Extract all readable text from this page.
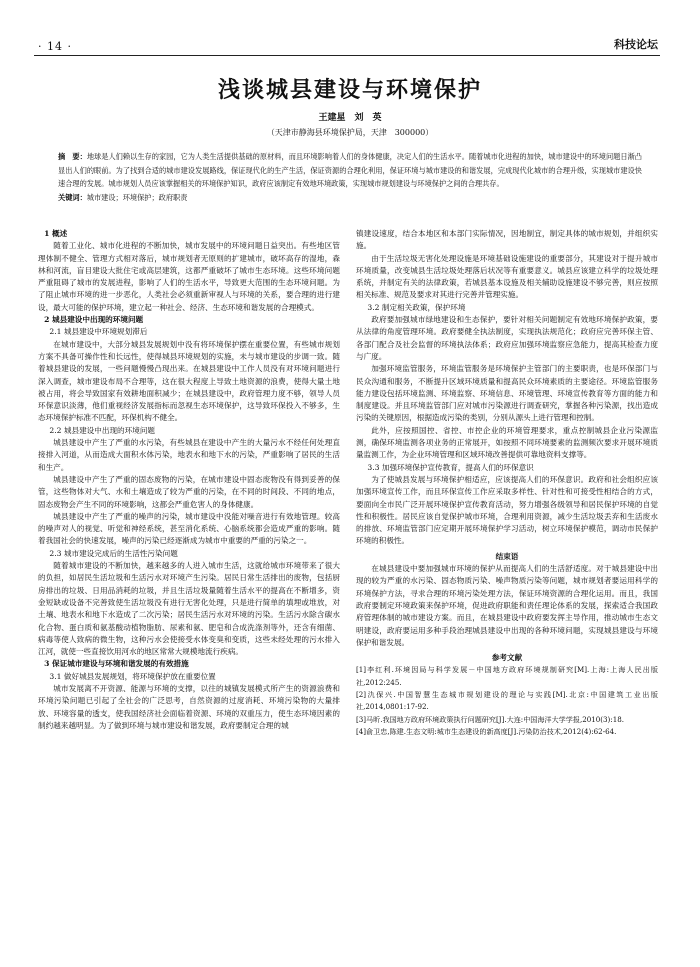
· 14 ·	科技论坛
浅谈城县建设与环境保护
王建星　刘　英
（天津市静海县环境保护局，天津　300000）
摘　要：地球是人们赖以生存的家园，它为人类生活提供基础的原材料，而且环境影响着人们的身体健康，决定人们的生活水平。随着城市化进程的加快，城市建设中的环境问题日渐凸显出人们的眼前。为了找到合适的城市建设发展路线，保证现代化的生产生活，保证资源的合理化利用，保证环境与城市建设的和谐发展，完成现代化城市的合理升级，实现城市建设快速合理的发展。城市规划人员应该掌握相关的环境保护知识，政府应该制定有效地环境政策，实现城市规划建设与环境保护之间的合理共存。
关键词：城市建设；环境保护；政府职责

1 概述

随着工业化、城市化进程的不断加快，城市发展中的环境问题日益突出。有些地区管理体制不健全、管理方式相对落后，城市规划者无原则的扩建城市，破坏高存的湿地，森林和河流，盲目建设大批住宅或高层建筑，这都严重破坏了城市生态环境。这些环境问题严重阻碍了城市的发展进程，影响了人们的生活水平，导致更大范围的生态环境问题。为了阻止城市环境的进一步恶化，人类社会必须重新审视人与环境的关系，要合理的进行建设，最大可能的保护环境，建立起一种社会、经济、生态环境和谐发展的合理模式。

2 城县建设中出现的环境问题

2.1 城县建设中环境规划滞后

在城市建设中，大部分城县发展规划中没有将环境保护摆在重要位置，有些城市规划方案不具备可操作性和长远性，使得城县环境规划的实施，未与城市建设的步调一致。随着城县建设的发展，一些问题慢慢凸现出来。在城县建设中工作人员没有对环境问题进行深入调查，城市建设布局不合理等，这在很大程度上导致土地资源的浪费，使得大量土地被占用，将会导致国家有效耕地面积减少；在城县建设中，政府管理力度不够，领导人员环保意识淡薄，他们重视经济发展指标而忽视生态环境保护，这导致环保投入不够多，生态环境保护标准不匹配，环保机构不健全。

2.2 城县建设中出现的环境问题

城县建设中产生了严重的水污染，有些城县在建设中产生的大量污水不经任何处理直接排入河道，从而造成大面积水体污染，地表水和地下水的污染，严重影响了居民的生活和生产。

城县建设中产生了严重的固态废物的污染，在城市建设中固态废物没有得到妥善的保管，这些物体对大气、水和土壤造成了较为严重的污染，在不同的时间段、不同的地点，固态废物会产生不同的环境影响，这都会严重危害人的身体健康。

城县建设中产生了严重的噪声的污染，城市建设中没能对噪音进行有效地管理。较高的噪声对人的视觉、听觉和神经系统，甚至消化系统、心脑系统都会造成严重的影响。随着我国社会的快速发展，噪声的污染已经逐渐成为城市中重要的严重的污染之一。

2.3 城市建设完成后的生活性污染问题

随着城市建设的不断加快，越来越多的人进入城市生活，这就给城市环境带来了很大的负担，如居民生活垃圾和生活污水对环境产生污染。居民日常生活排出的废物，包括厨房排出的垃圾、日用品消耗的垃圾，并且生活垃圾量随着生活水平的提高在不断增多，资金短缺或设备不完善致使生活垃圾没有进行无害化处理，只是进行简单的填埋或堆放，对土壤、地表水和地下水造成了二次污染；居民生活污水对环境的污染。生活污水除含碳水化合物、蛋白质和氨基酸动植物脂肪、尿素和氨、肥皂和合成洗涤剂等外，还含有细菌、病毒等使人致病的微生物，这种污水会使接受水体变臭和变质，这些未经处理的污水排入江河，就使一些直接饮用河水的地区常常大规模地流行疾病。

3 保证城市建设与环境和谐发展的有效措施

3.1 做好城县发展规划，将环境保护放在重要位置

城市发展离不开资源、能源与环境的支撑，以往的城镇发展模式所产生的资源浪费和环境污染问题已引起了全社会的广泛思考，自然资源的过度消耗、环境污染物的大量排放、环境容量的透支，使我国经济社会面临着资源、环境的双重压力，使生态环境因素的制约越来越明显。为了做到环境与城市建设和谐发展，政府要制定合理的城

镇建设速度，结合本地区和本部门实际情况，因地制宜，制定具体的城市规划，并组织实施。

由于生活垃圾无害化处理设施是环境基础设施建设的重要部分，其建设对于提升城市环境质量，改变城县生活垃圾处理落后状况等有重要意义。城县应该建立科学的垃圾处理系统，并制定有关的法律政策，若城县基本设施及相关辅助设施建设不够完善，则应按照相关标准、规范及要求对其进行完善并管理实施。

3.2 制定相关政策，保护环境

政府要加强城市绿地建设和生态保护，要针对相关问题制定有效地环境保护政策，要从法律的角度管理环境。政府要健全执法制度，实现执法规范化；政府应完善环保主管、各部门配合及社会监督的环境执法体系；政府应加强环境监察应急能力，提高其检查力度与广度。

加强环境监管服务，环境监管服务是环境保护主管部门的主要职责，也是环保部门与民众沟通和服务，不断提升区域环境质量和提高民众环境素质的主要途径。环境监管服务能力建设包括环境监测、环境监察、环境信息、环境管理、环境宣传教育等方面的能力和制度建设。并且环境监管部门应对城市污染源进行调查研究，掌握各种污染源，找出造成污染的关键原因，根据造成污染的类别，分别从源头上进行管理和控制。

此外，应按照国控、省控、市控企业的环境管理要求，重点控制城县企业污染源监测，确保环境监测各项业务的正常展开，如按照不同环境要素的监测频次要求开展环境质量监测工作，为企业环境管理和区域环境改善提供可靠地资料支撑等。

3.3 加强环境保护宣传教育，提高人们的环保意识

为了使城县发展与环境保护相适应，应该提高人们的环保意识。政府和社会组织应该加强环境宣传工作，而且环保宣传工作应采取多样性、针对性和可接受性相结合的方式，要面向全市民广泛开展环境保护宣传教育活动，努力增强各级领导和居民保护环境的自觉性和积极性。居民应该自觉保护城市环境，合理利用资源，减少生活垃圾丢弃和生活废水的排放、环境监管部门应定期开展环境保护学习活动，树立环境保护模范，调动市民保护环境的积极性。

结束语

在城县建设中要加强城市环境的保护从而提高人们的生活舒适度。对于城县建设中出现的较为严重的水污染、固态物质污染、噪声物质污染等问题，城市规划者要运用科学的环境保护方法，寻求合理的环境污染处理方法，保证环境资源的合理化运用。而且，我国政府要制定环境政策来保护环境，促进政府职能和责任理论体系的发展，探索适合我国政府管理体制的城市建设方案。而且，在城县建设中政府要发挥主导作用，推动城市生态文明建设，政府要运用多种手段治理城县建设中出现的各种环境问题，实现城县建设与环境保护和谐发展。

参考文献

[1]李红利.环境因局与科学发展－中国地方政府环境规制研究[M].上海:上海人民出版社,2012:245.

[2]氿保兴.中国智慧生态城市规划建设的理论与实践[M].北京:中国建筑工业出版社,2014,0801:17-92.

[3]马昕.我国地方政府环境政策执行问题研究[J].大连:中国海洋大学学报,2010(3):18.

[4]俞卫忠,陈建.生态文明:城市生态建设的新高度[J].污染防治技术,2012(4):62-64.
